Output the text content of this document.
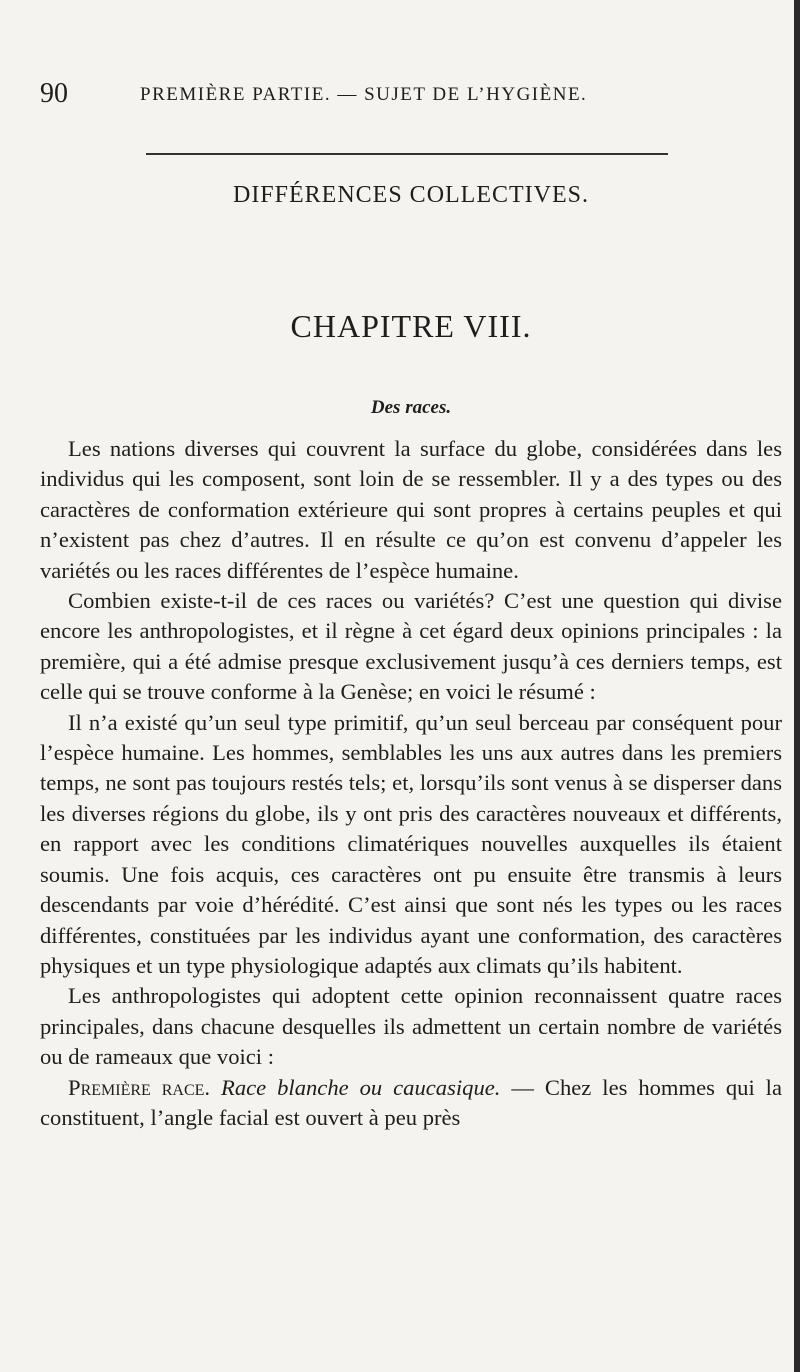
90	PREMIÈRE PARTIE. — SUJET DE L’HYGIÈNE.
DIFFÉRENCES COLLECTIVES.
CHAPITRE VIII.
Des races.

Les nations diverses qui couvrent la surface du globe, considérées dans les individus qui les composent, sont loin de se ressembler. Il y a des types ou des caractères de conformation extérieure qui sont propres à certains peuples et qui n’existent pas chez d’autres. Il en résulte ce qu’on est convenu d’appeler les variétés ou les races différentes de l’espèce humaine.

Combien existe-t-il de ces races ou variétés? C’est une question qui divise encore les anthropologistes, et il règne à cet égard deux opinions principales : la première, qui a été admise presque exclusivement jusqu’à ces derniers temps, est celle qui se trouve conforme à la Genèse; en voici le résumé :

Il n’a existé qu’un seul type primitif, qu’un seul berceau par conséquent pour l’espèce humaine. Les hommes, semblables les uns aux autres dans les premiers temps, ne sont pas toujours restés tels; et, lorsqu’ils sont venus à se disperser dans les diverses régions du globe, ils y ont pris des caractères nouveaux et différents, en rapport avec les conditions climatériques nouvelles auxquelles ils étaient soumis. Une fois acquis, ces caractères ont pu ensuite être transmis à leurs descendants par voie d’hérédité. C’est ainsi que sont nés les types ou les races différentes, constituées par les individus ayant une conformation, des caractères physiques et un type physiologique adaptés aux climats qu’ils habitent.

Les anthropologistes qui adoptent cette opinion reconnaissent quatre races principales, dans chacune desquelles ils admettent un certain nombre de variétés ou de rameaux que voici :

Première race. Race blanche ou caucasique. — Chez les hommes qui la constituent, l’angle facial est ouvert à peu près
